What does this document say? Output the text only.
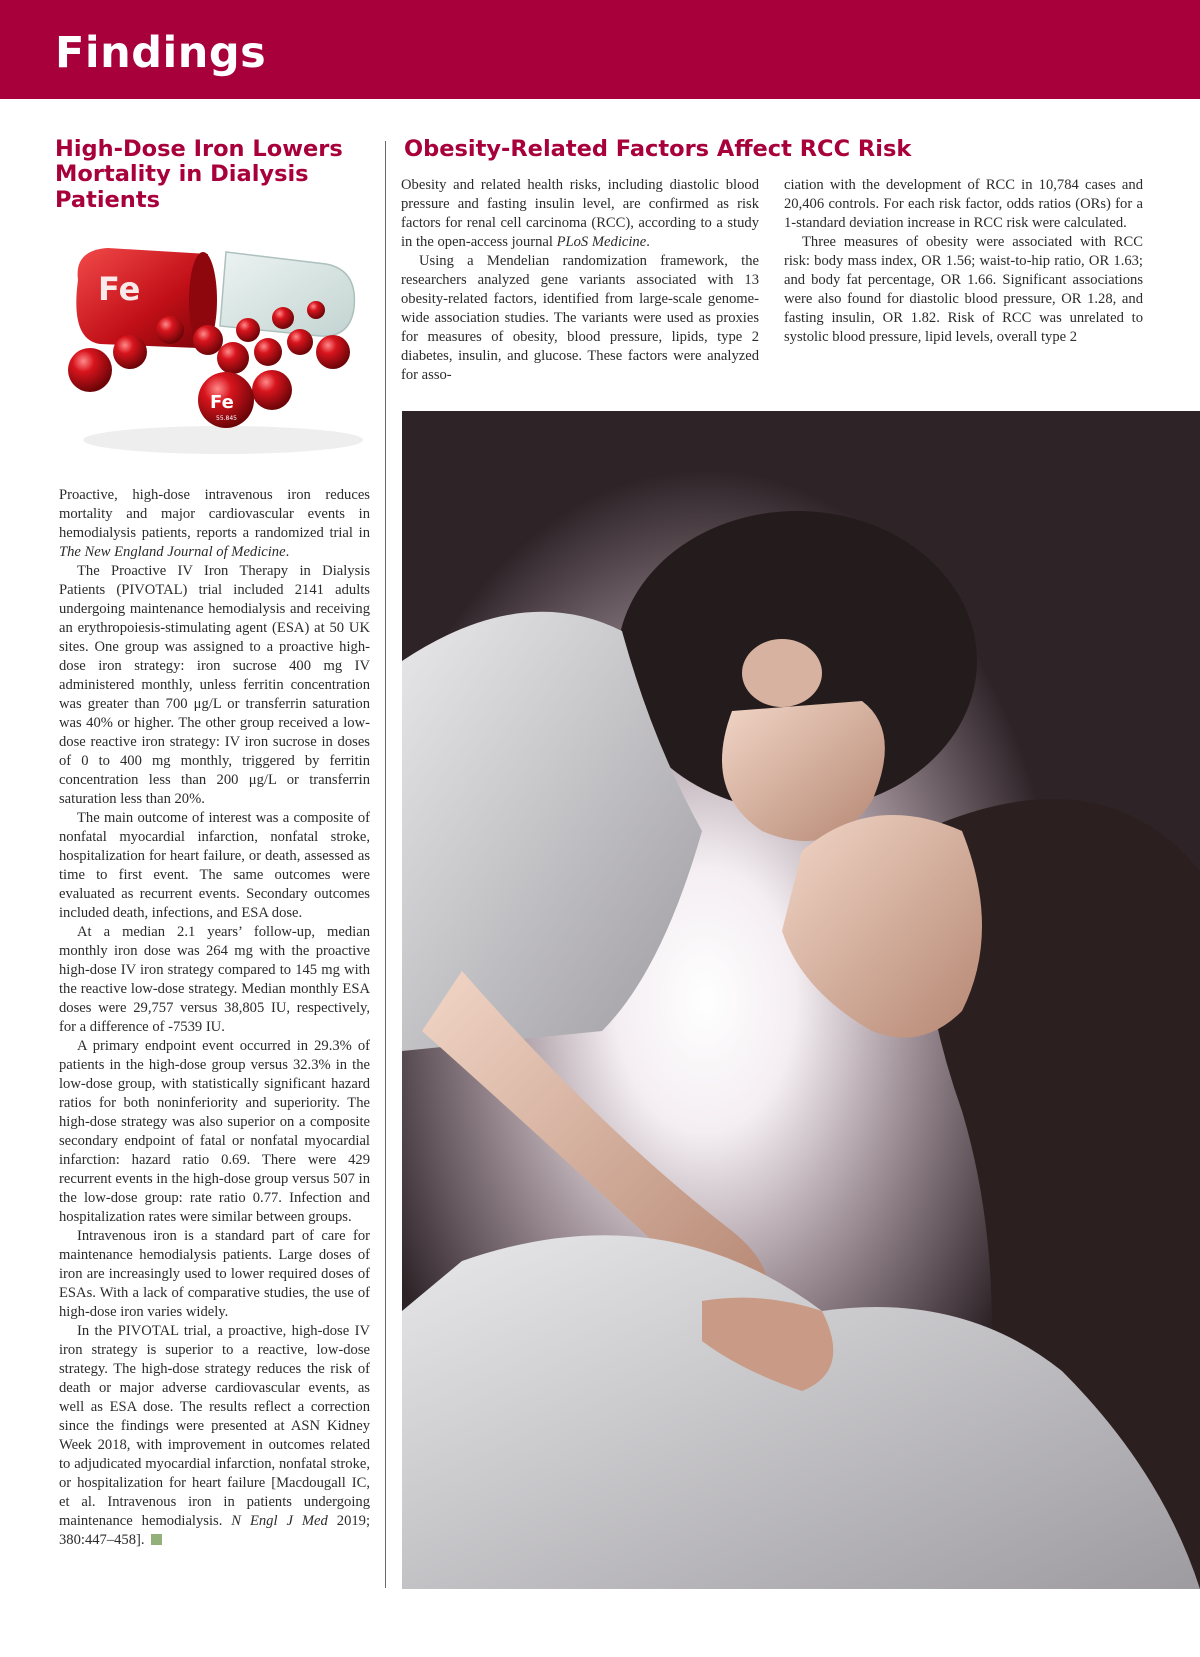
Findings
High-Dose Iron Lowers Mortality in Dialysis Patients
Obesity-Related Factors Affect RCC Risk
Fe
Fe
55.845

Proactive, high-dose intravenous iron reduces mortality and major cardiovascular events in hemodialysis patients, reports a randomized trial in The New England Journal of Medicine.

The Proactive IV Iron Therapy in Dialysis Patients (PIVOTAL) trial included 2141 adults undergoing maintenance hemodialysis and receiving an erythropoiesis-stimulating agent (ESA) at 50 UK sites. One group was assigned to a proactive high-dose iron strategy: iron sucrose 400 mg IV administered monthly, unless ferritin concentration was greater than 700 μg/L or transferrin saturation was 40% or higher. The other group received a low-dose reactive iron strategy: IV iron sucrose in doses of 0 to 400 mg monthly, triggered by ferritin concentration less than 200 μg/L or transferrin saturation less than 20%.

The main outcome of interest was a composite of nonfatal myocardial infarction, nonfatal stroke, hospitalization for heart failure, or death, assessed as time to first event. The same outcomes were evaluated as recurrent events. Secondary outcomes included death, infections, and ESA dose.

At a median 2.1 years’ follow-up, median monthly iron dose was 264 mg with the proactive high-dose IV iron strategy compared to 145 mg with the reactive low-dose strategy. Median monthly ESA doses were 29,757 versus 38,805 IU, respectively, for a difference of -7539 IU.

A primary endpoint event occurred in 29.3% of patients in the high-dose group versus 32.3% in the low-dose group, with statistically significant hazard ratios for both noninferiority and superiority. The high-dose strategy was also superior on a composite secondary endpoint of fatal or nonfatal myocardial infarction: hazard ratio 0.69. There were 429 recurrent events in the high-dose group versus 507 in the low-dose group: rate ratio 0.77. Infection and hospitalization rates were similar between groups.

Intravenous iron is a standard part of care for maintenance hemodialysis patients. Large doses of iron are increasingly used to lower required doses of ESAs. With a lack of comparative studies, the use of high-dose iron varies widely.

In the PIVOTAL trial, a proactive, high-dose IV iron strategy is superior to a reactive, low-dose strategy. The high-dose strategy reduces the risk of death or major adverse cardiovascular events, as well as ESA dose. The results reflect a correction since the findings were presented at ASN Kidney Week 2018, with improvement in outcomes related to adjudicated myocardial infarction, nonfatal stroke, or hospitalization for heart failure [Macdougall IC, et al. Intravenous iron in patients undergoing maintenance hemodialysis. N Engl J Med 2019; 380:447–458].

Obesity and related health risks, including diastolic blood pressure and fasting insulin level, are confirmed as risk factors for renal cell carcinoma (RCC), according to a study in the open-access journal PLoS Medicine.

Using a Mendelian randomization framework, the researchers analyzed gene variants associated with 13 obesity-related factors, identified from large-scale genome-wide association studies. The variants were used as proxies for measures of obesity, blood pressure, lipids, type 2 diabetes, insulin, and glucose. These factors were analyzed for asso-

ciation with the development of RCC in 10,784 cases and 20,406 controls. For each risk factor, odds ratios (ORs) for a 1-standard deviation increase in RCC risk were calculated.

Three measures of obesity were associated with RCC risk: body mass index, OR 1.56; waist-to-hip ratio, OR 1.63; and body fat percentage, OR 1.66. Significant associations were also found for diastolic blood pressure, OR 1.28, and fasting insulin, OR 1.82. Risk of RCC was unrelated to systolic blood pressure, lipid levels, overall type 2
